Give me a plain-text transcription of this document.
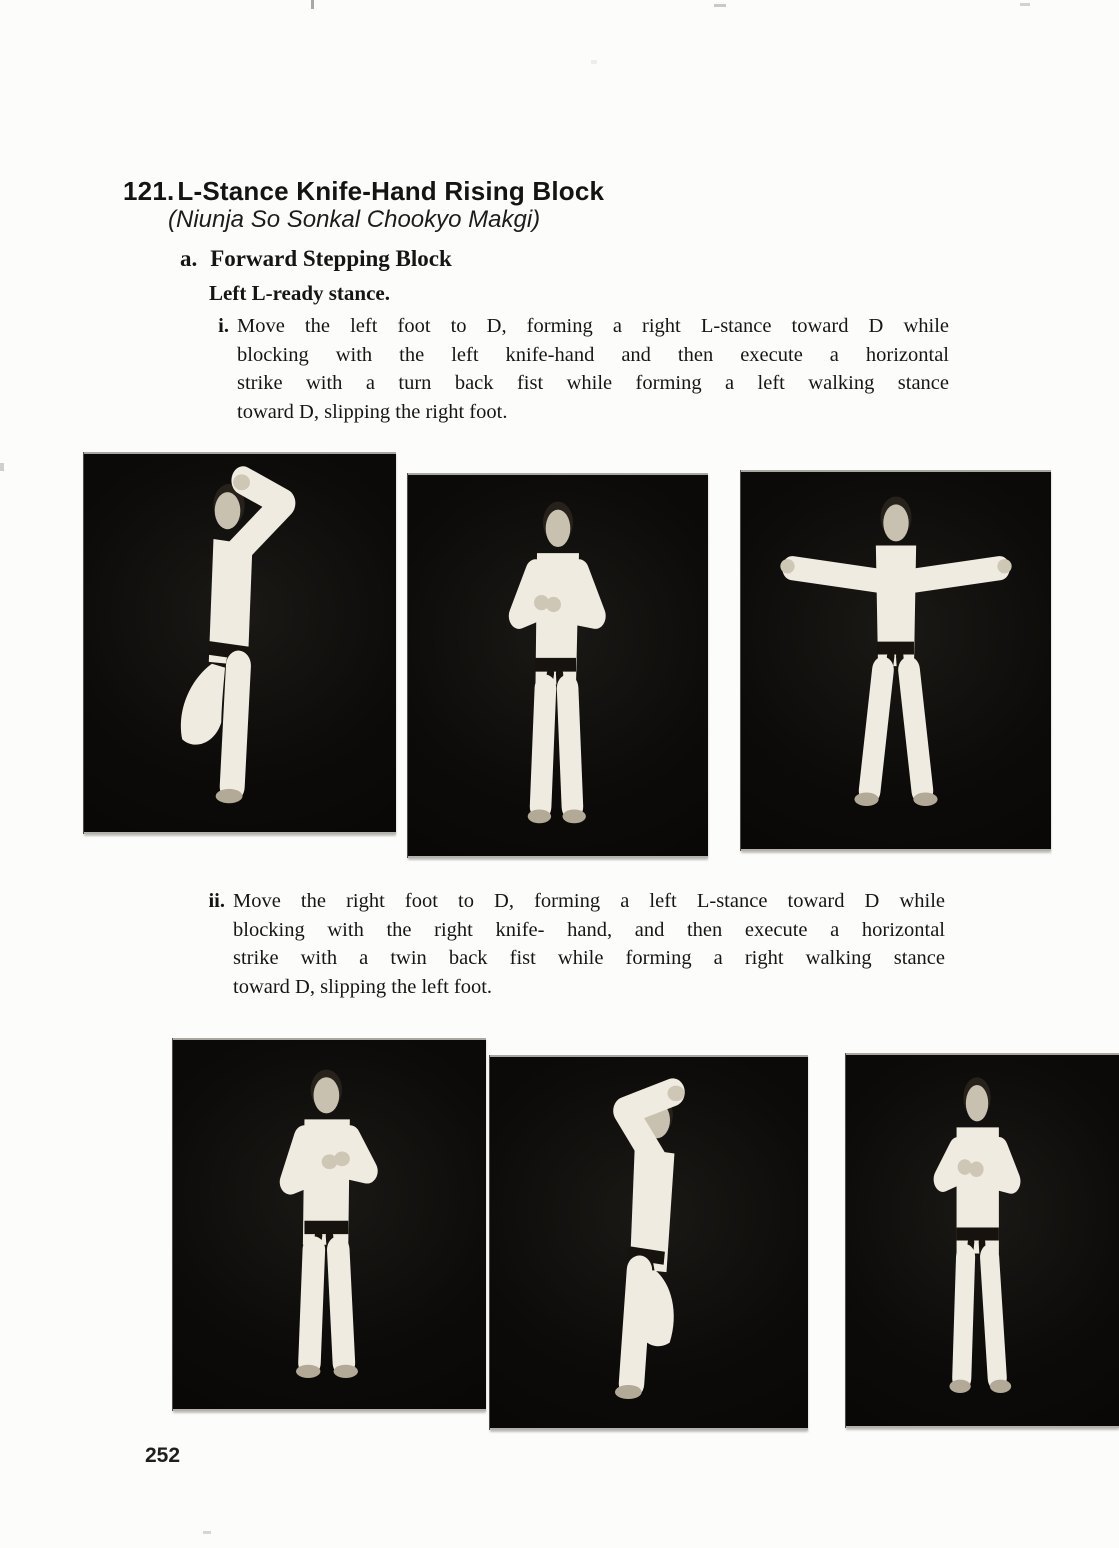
121. L-Stance Knife-Hand Rising Block
(Niunja So Sonkal Chookyo Makgi)
a. Forward Stepping Block
Left L-ready stance.
i. Move the left foot to D, forming a right L-stance toward D while
blocking with the left knife-hand and then execute a horizontal
strike with a turn back fist while forming a left walking stance
toward D, slipping the right foot.
ii. Move the right foot to D, forming a left L-stance toward D while
blocking with the right knife- hand, and then execute a horizontal
strike with a twin back fist while forming a right walking stance
toward D, slipping the left foot.
252
